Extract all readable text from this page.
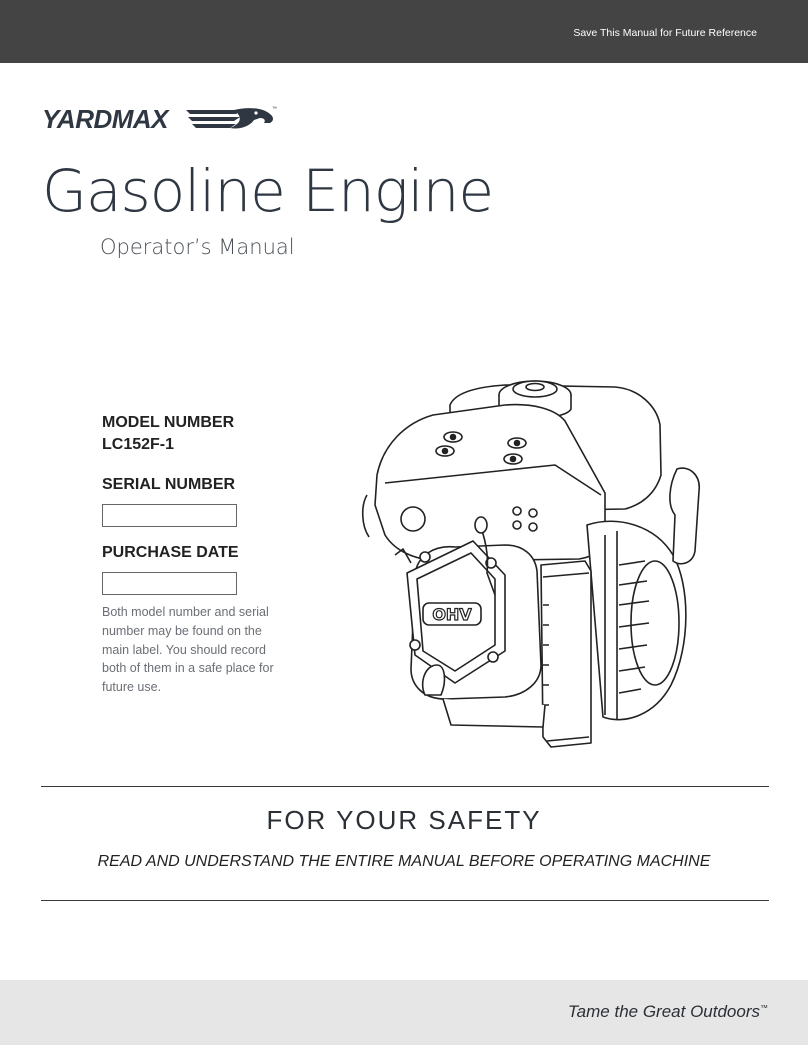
Save This Manual for Future Reference
YARDMAX	™
Gasoline Engine
Operator’s Manual
MODEL NUMBER
LC152F-1
SERIAL NUMBER
PURCHASE DATE
Both model number and serial number may be found on the main label. You should record both of them in a safe place for future use.
OHV
FOR YOUR SAFETY
READ AND UNDERSTAND THE ENTIRE MANUAL BEFORE OPERATING MACHINE
Tame the Great Outdoors™
